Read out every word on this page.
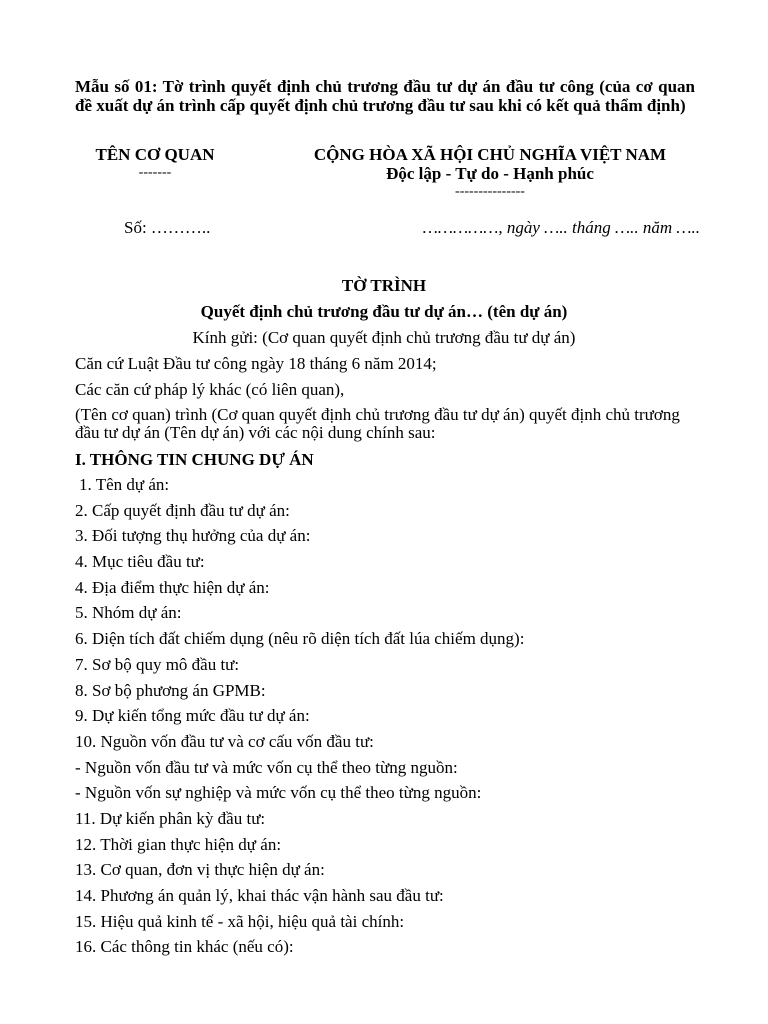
Mẫu số 01: Tờ trình quyết định chủ trương đầu tư dự án đầu tư công (của cơ quan đề xuất dự án trình cấp quyết định chủ trương đầu tư sau khi có kết quả thẩm định)
TÊN CƠ QUAN
-------
CỘNG HÒA XÃ HỘI CHỦ NGHĨA VIỆT NAM
Độc lập - Tự do - Hạnh phúc
---------------
Số: ………..	……………, ngày ….. tháng ….. năm …..
TỜ TRÌNH
Quyết định chủ trương đầu tư dự án… (tên dự án)
Kính gửi: (Cơ quan quyết định chủ trương đầu tư dự án)
Căn cứ Luật Đầu tư công ngày 18 tháng 6 năm 2014;
Các căn cứ pháp lý khác (có liên quan),
(Tên cơ quan) trình (Cơ quan quyết định chủ trương đầu tư dự án) quyết định chủ trương đầu tư dự án (Tên dự án) với các nội dung chính sau:
I. THÔNG TIN CHUNG DỰ ÁN
1. Tên dự án:
2. Cấp quyết định đầu tư dự án:
3. Đối tượng thụ hưởng của dự án:
4. Mục tiêu đầu tư:
4. Địa điểm thực hiện dự án:
5. Nhóm dự án:
6. Diện tích đất chiếm dụng (nêu rõ diện tích đất lúa chiếm dụng):
7. Sơ bộ quy mô đầu tư:
8. Sơ bộ phương án GPMB:
9. Dự kiến tổng mức đầu tư dự án:
10. Nguồn vốn đầu tư và cơ cấu vốn đầu tư:
- Nguồn vốn đầu tư và mức vốn cụ thể theo từng nguồn:
- Nguồn vốn sự nghiệp và mức vốn cụ thể theo từng nguồn:
11. Dự kiến phân kỳ đầu tư:
12. Thời gian thực hiện dự án:
13. Cơ quan, đơn vị thực hiện dự án:
14. Phương án quản lý, khai thác vận hành sau đầu tư:
15. Hiệu quả kinh tế - xã hội, hiệu quả tài chính:
16. Các thông tin khác (nếu có):
